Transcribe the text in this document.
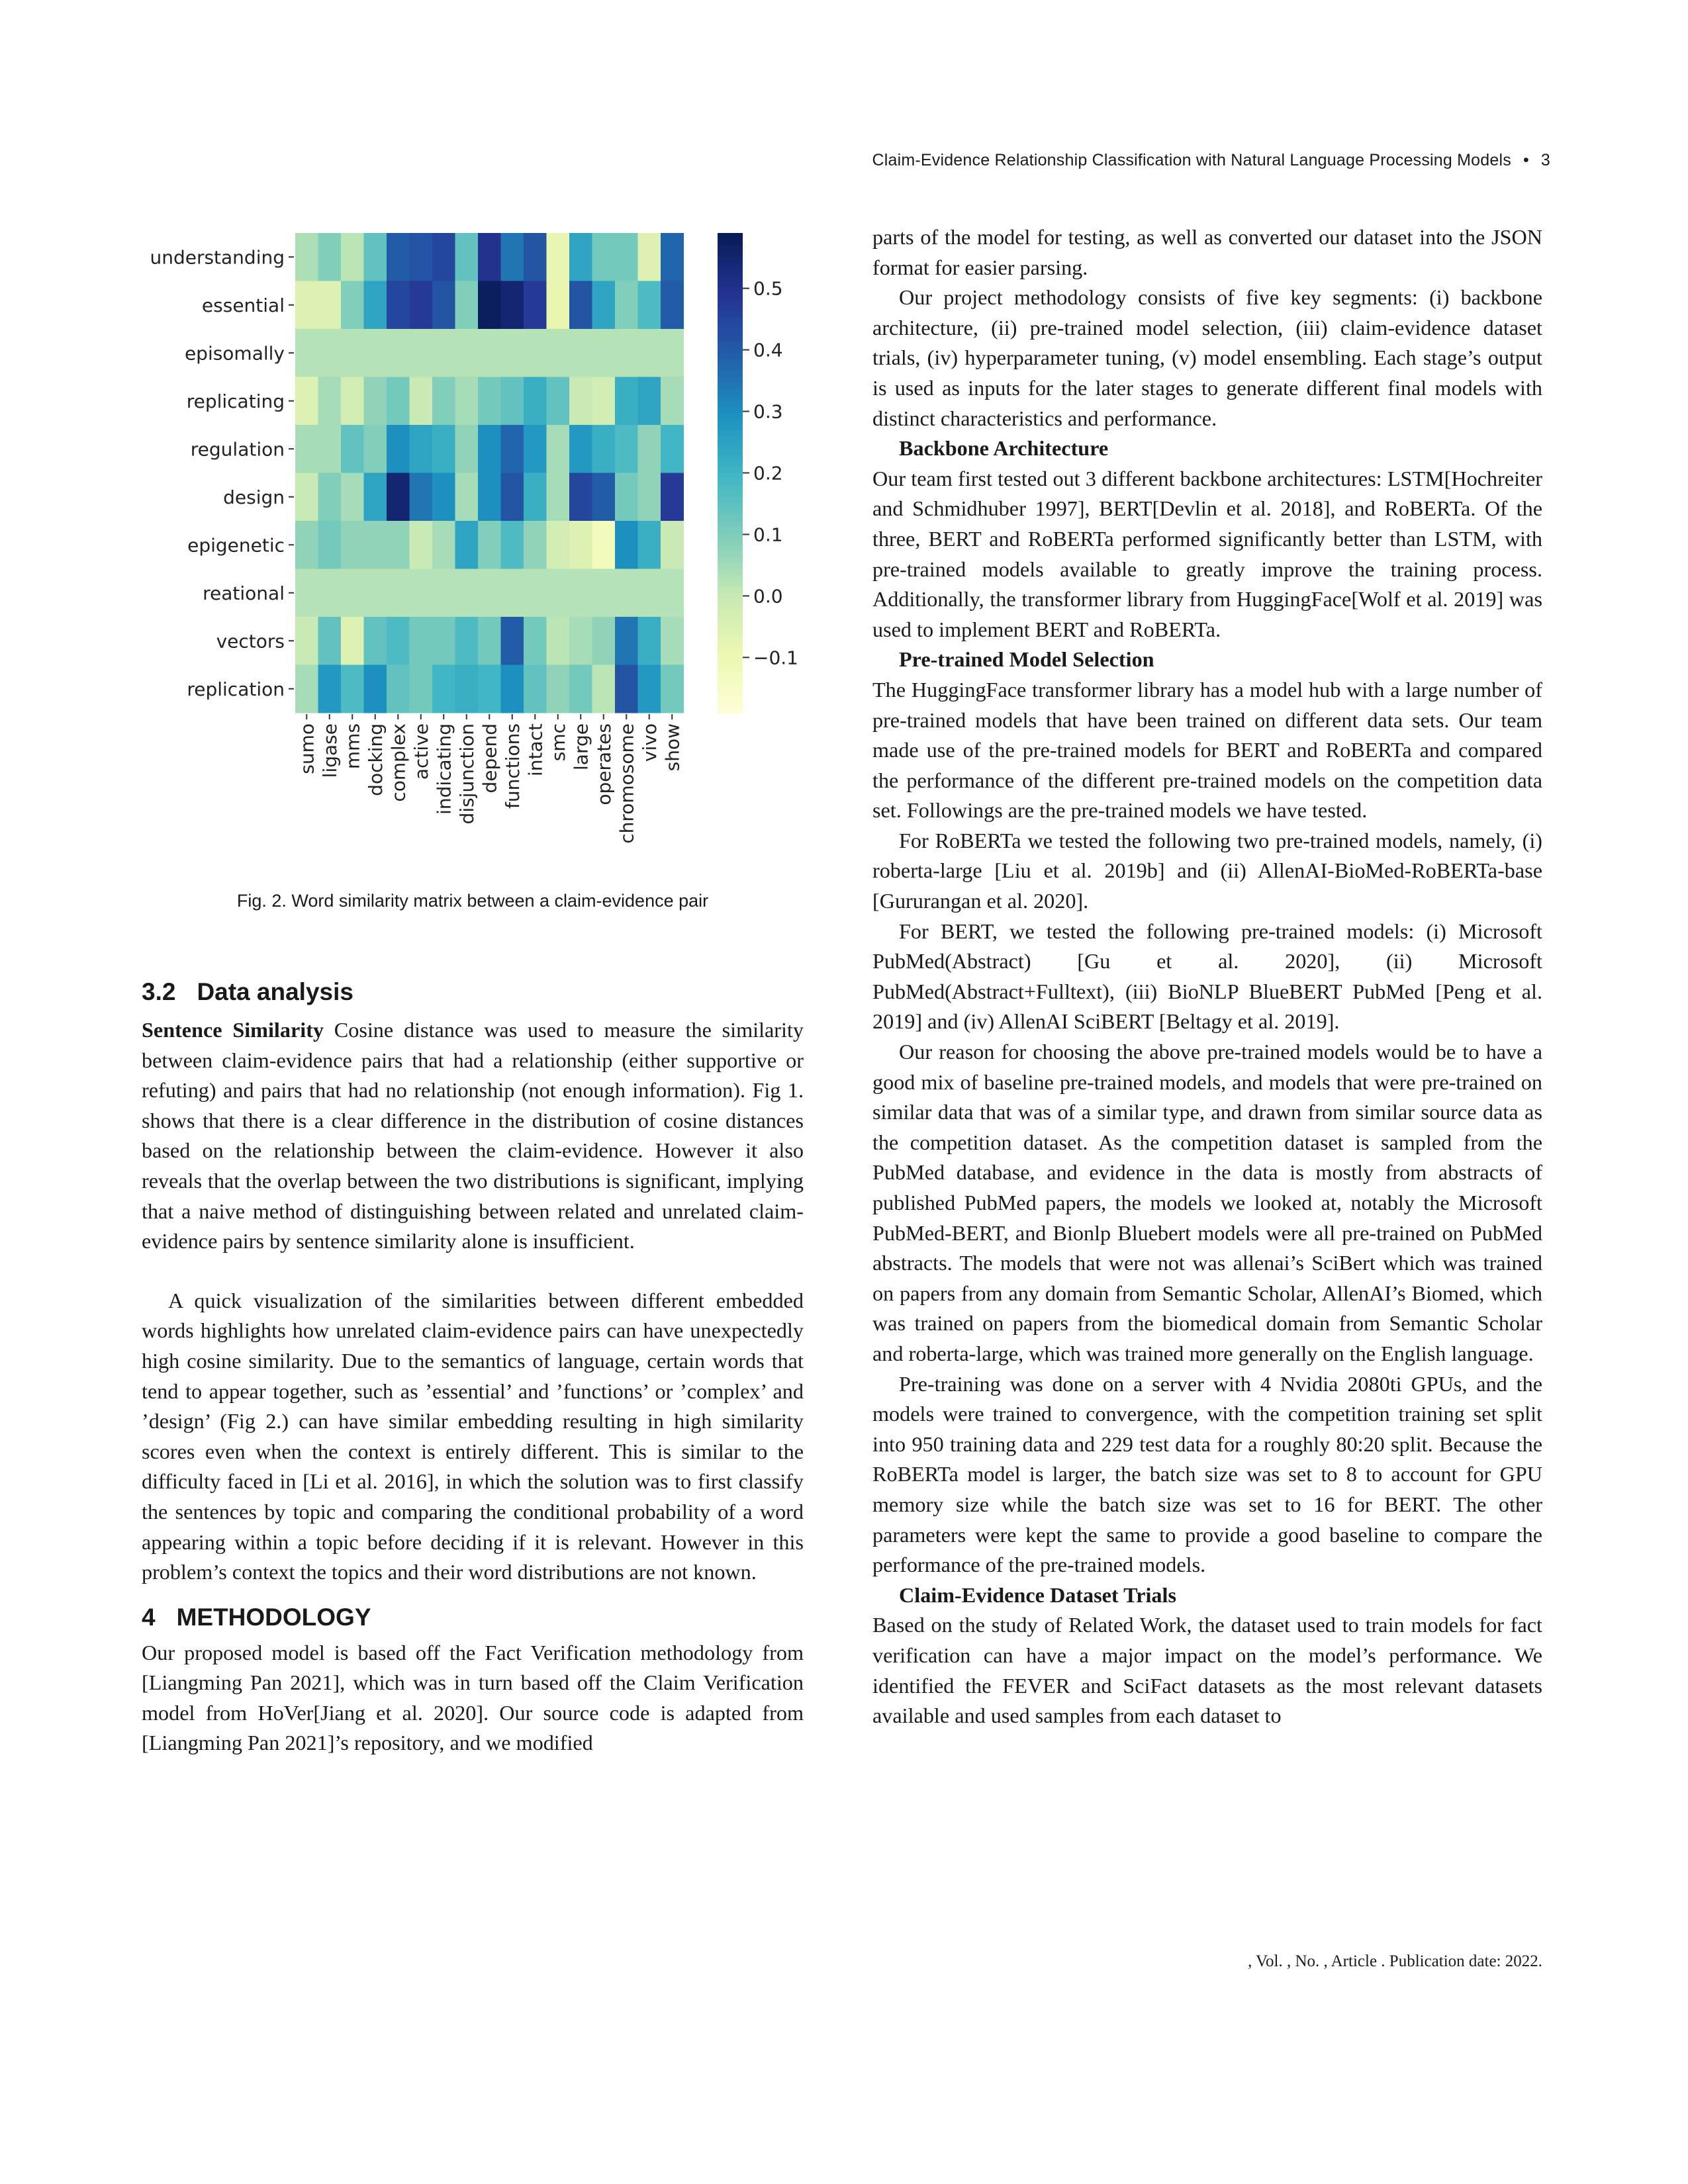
Claim-Evidence Relationship Classification with Natural Language Processing Models • 3
understanding
essential
episomally
replicating
regulation
design
epigenetic
reational
vectors
replication
sumo ligase mms docking complex active indicating disjunction depend functions intact smc large operates chromosome vivo show
0.5
0.4
0.3
0.2
0.1
0.0
−0.1
Fig. 2. Word similarity matrix between a claim-evidence pair
3.2 Data analysis

Sentence Similarity Cosine distance was used to measure the similarity between claim-evidence pairs that had a relationship (either supportive or refuting) and pairs that had no relationship (not enough information). Fig 1. shows that there is a clear difference in the distribution of cosine distances based on the relationship between the claim-evidence. However it also reveals that the overlap between the two distributions is significant, implying that a naive method of distinguishing between related and unrelated claim-evidence pairs by sentence similarity alone is insufficient.

A quick visualization of the similarities between different embedded words highlights how unrelated claim-evidence pairs can have unexpectedly high cosine similarity. Due to the semantics of language, certain words that tend to appear together, such as ’essential’ and ’functions’ or ’complex’ and ’design’ (Fig 2.) can have similar embedding resulting in high similarity scores even when the context is entirely different. This is similar to the difficulty faced in [Li et al. 2016], in which the solution was to first classify the sentences by topic and comparing the conditional probability of a word appearing within a topic before deciding if it is relevant. However in this problem’s context the topics and their word distributions are not known.

4 METHODOLOGY

Our proposed model is based off the Fact Verification methodology from [Liangming Pan 2021], which was in turn based off the Claim Verification model from HoVer[Jiang et al. 2020]. Our source code is adapted from [Liangming Pan 2021]’s repository, and we modified

parts of the model for testing, as well as converted our dataset into the JSON format for easier parsing.

Our project methodology consists of five key segments: (i) backbone architecture, (ii) pre-trained model selection, (iii) claim-evidence dataset trials, (iv) hyperparameter tuning, (v) model ensembling. Each stage’s output is used as inputs for the later stages to generate different final models with distinct characteristics and performance.

Backbone Architecture

Our team first tested out 3 different backbone architectures: LSTM[Hochreiter and Schmidhuber 1997], BERT[Devlin et al. 2018], and RoBERTa. Of the three, BERT and RoBERTa performed significantly better than LSTM, with pre-trained models available to greatly improve the training process. Additionally, the transformer library from HuggingFace[Wolf et al. 2019] was used to implement BERT and RoBERTa.

Pre-trained Model Selection

The HuggingFace transformer library has a model hub with a large number of pre-trained models that have been trained on different data sets. Our team made use of the pre-trained models for BERT and RoBERTa and compared the performance of the different pre-trained models on the competition data set. Followings are the pre-trained models we have tested.

For RoBERTa we tested the following two pre-trained models, namely, (i) roberta-large [Liu et al. 2019b] and (ii) AllenAI-BioMed-RoBERTa-base [Gururangan et al. 2020].

For BERT, we tested the following pre-trained models: (i) Microsoft PubMed(Abstract) [Gu et al. 2020], (ii) Microsoft PubMed(Abstract+Fulltext), (iii) BioNLP BlueBERT PubMed [Peng et al. 2019] and (iv) AllenAI SciBERT [Beltagy et al. 2019].

Our reason for choosing the above pre-trained models would be to have a good mix of baseline pre-trained models, and models that were pre-trained on similar data that was of a similar type, and drawn from similar source data as the competition dataset. As the competition dataset is sampled from the PubMed database, and evidence in the data is mostly from abstracts of published PubMed papers, the models we looked at, notably the Microsoft PubMed-BERT, and Bionlp Bluebert models were all pre-trained on PubMed abstracts. The models that were not was allenai’s SciBert which was trained on papers from any domain from Semantic Scholar, AllenAI’s Biomed, which was trained on papers from the biomedical domain from Semantic Scholar and roberta-large, which was trained more generally on the English language.

Pre-training was done on a server with 4 Nvidia 2080ti GPUs, and the models were trained to convergence, with the competition training set split into 950 training data and 229 test data for a roughly 80:20 split. Because the RoBERTa model is larger, the batch size was set to 8 to account for GPU memory size while the batch size was set to 16 for BERT. The other parameters were kept the same to provide a good baseline to compare the performance of the pre-trained models.

Claim-Evidence Dataset Trials

Based on the study of Related Work, the dataset used to train models for fact verification can have a major impact on the model’s performance. We identified the FEVER and SciFact datasets as the most relevant datasets available and used samples from each dataset to

, Vol. , No. , Article . Publication date: 2022.
